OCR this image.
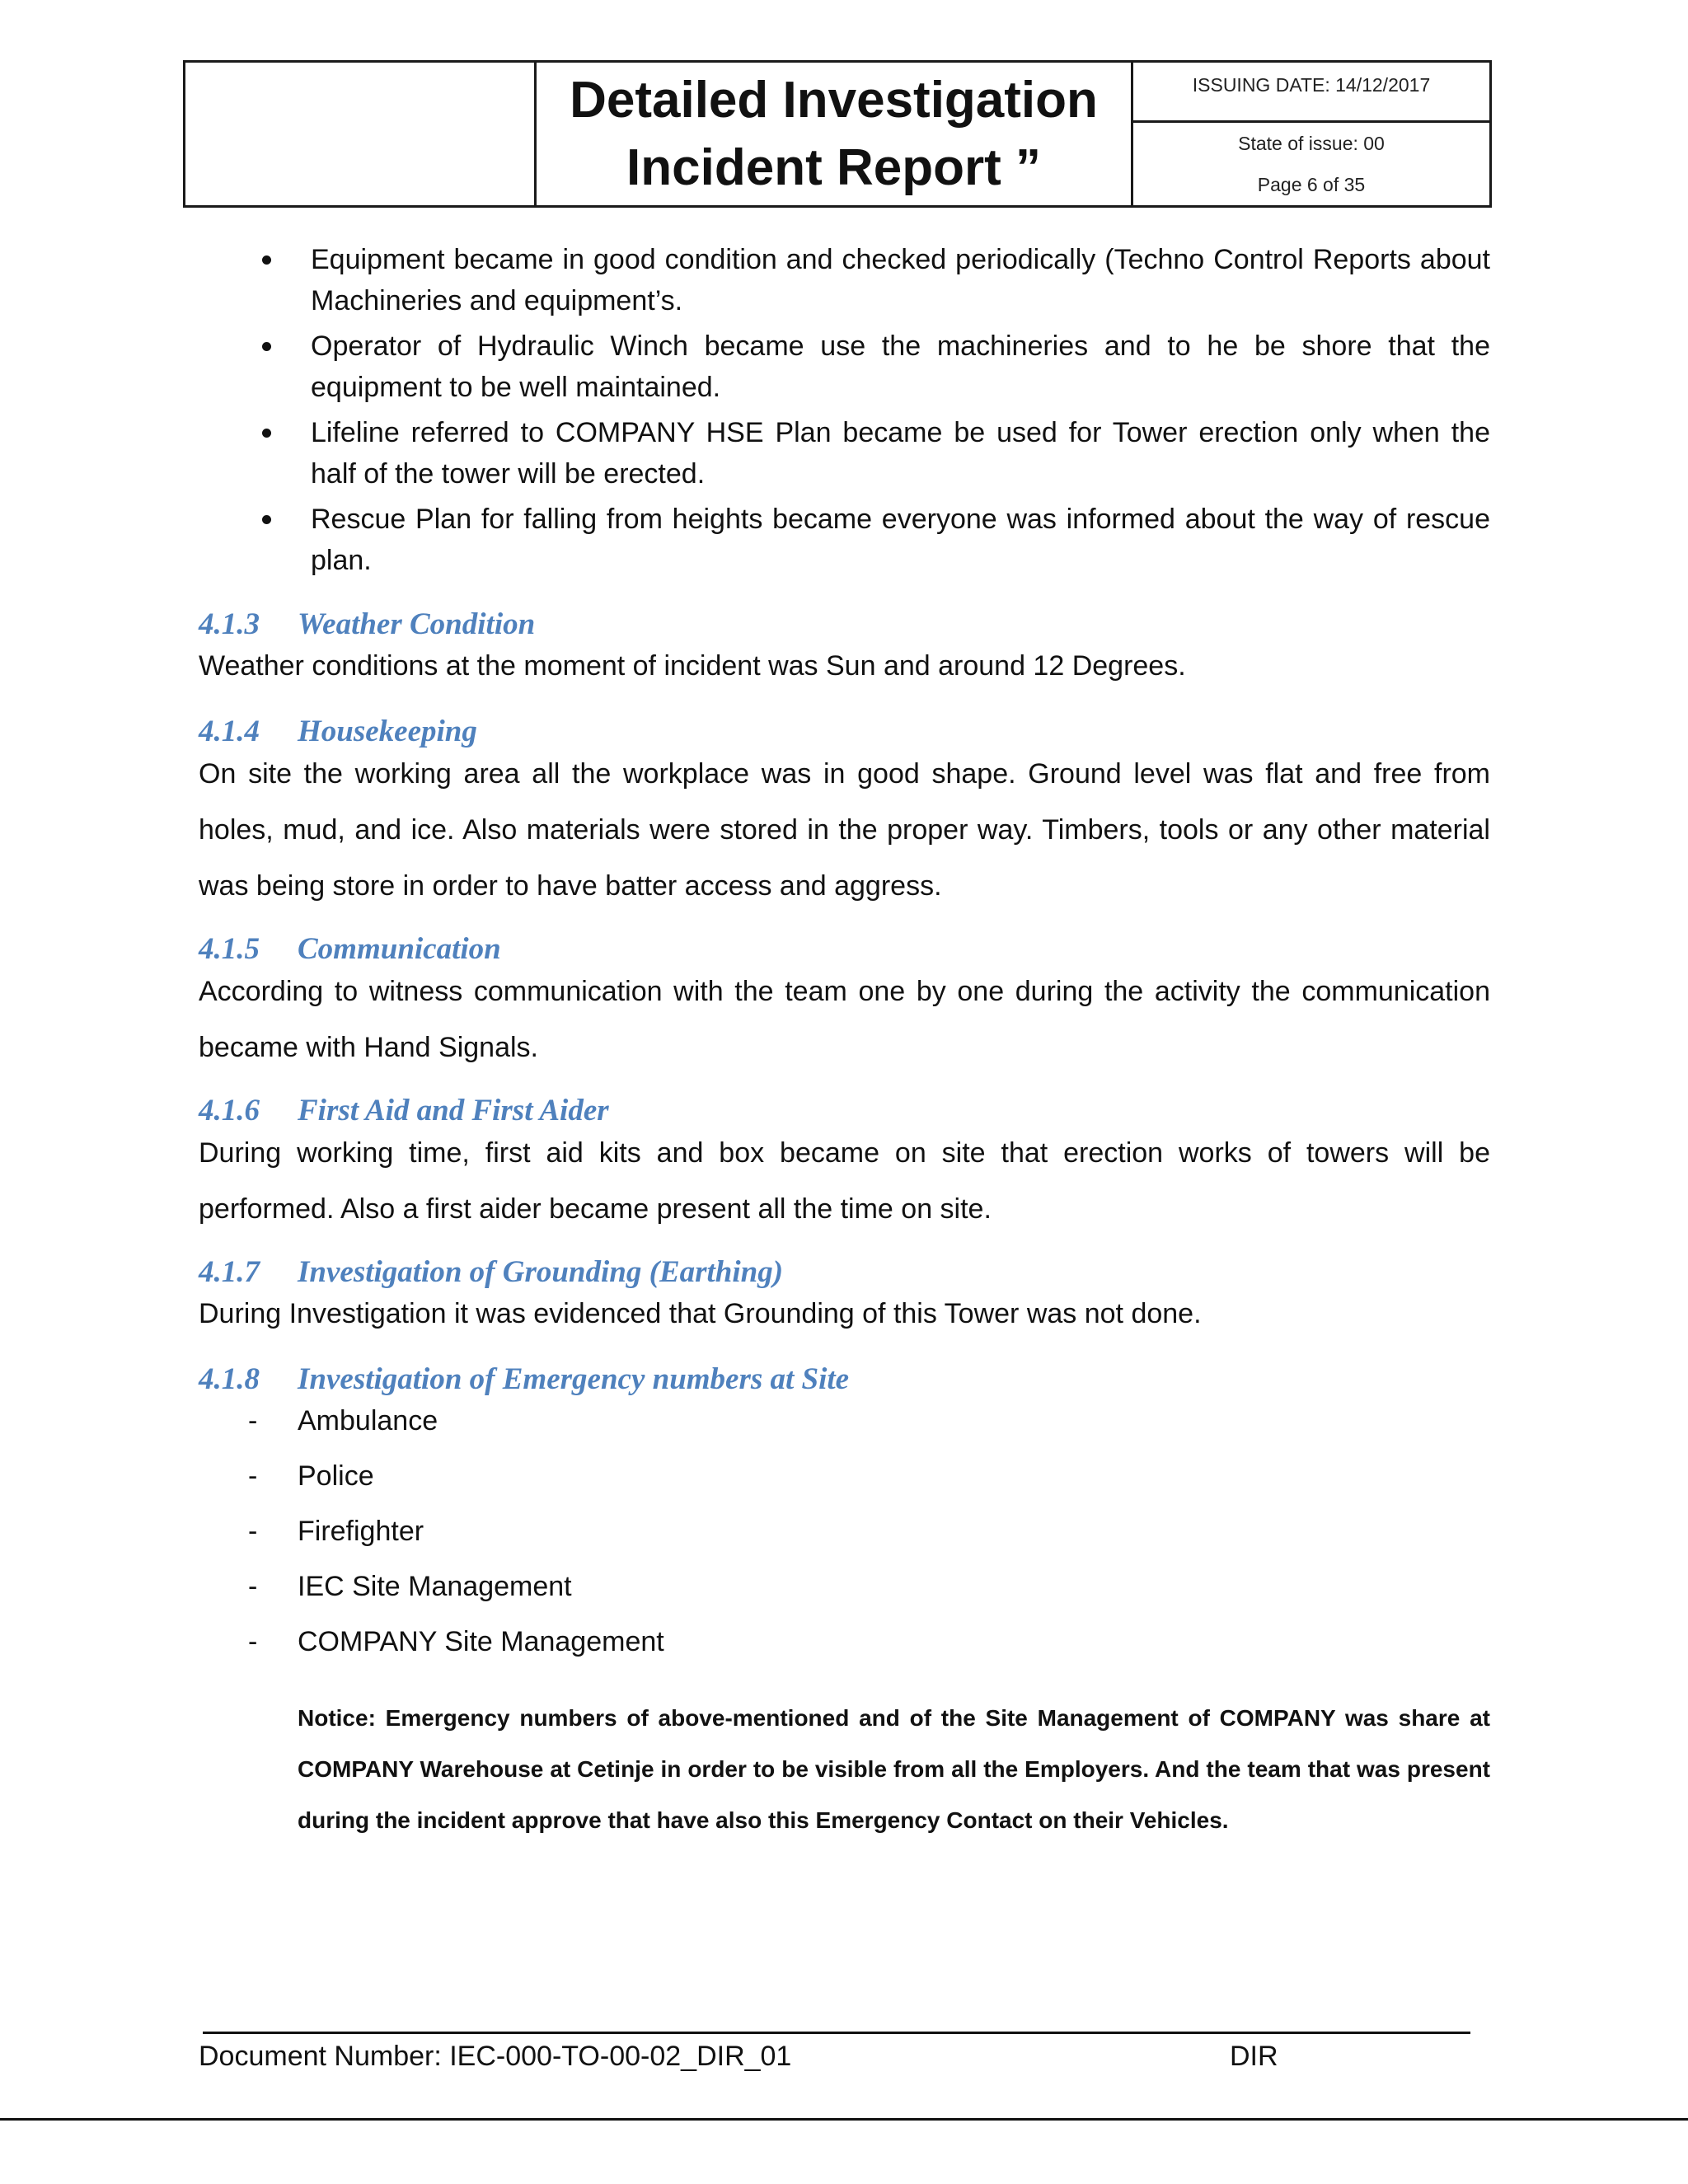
Detailed Investigation
Incident Report ”
ISSUING DATE: 14/12/2017
State of issue: 00
Page 6 of 35
Equipment became in good condition and checked periodically (Techno Control Reports about Machineries and equipment’s.
Operator of Hydraulic Winch became use the machineries and to he be shore that the equipment to be well maintained.
Lifeline referred to COMPANY HSE Plan became be used for Tower erection only when the half of the tower will be erected.
Rescue Plan for falling from heights became everyone was informed about the way of rescue plan.
4.1.3	Weather Condition

Weather conditions at the moment of incident was Sun and around 12 Degrees.

4.1.4	Housekeeping

On site the working area all the workplace was in good shape. Ground level was flat and free from holes, mud, and ice. Also materials were stored in the proper way. Timbers, tools or any other material was being store in order to have batter access and aggress.

4.1.5	Communication

According to witness communication with the team one by one during the activity the communication became with Hand Signals.

4.1.6	First Aid and First Aider

During working time, first aid kits and box became on site that erection works of towers will be performed. Also a first aider became present all the time on site.

4.1.7	Investigation of Grounding (Earthing)

During Investigation it was evidenced that Grounding of this Tower was not done.

4.1.8	Investigation of Emergency numbers at Site
- Ambulance
- Police
- Firefighter
- IEC Site Management
- COMPANY Site Management

Notice: Emergency numbers of above-mentioned and of the Site Management of COMPANY was share at COMPANY Warehouse at Cetinje in order to be visible from all the Employers. And the team that was present during the incident approve that have also this Emergency Contact on their Vehicles.

Document Number: IEC-000-TO-00-02_DIR_01	DIR
